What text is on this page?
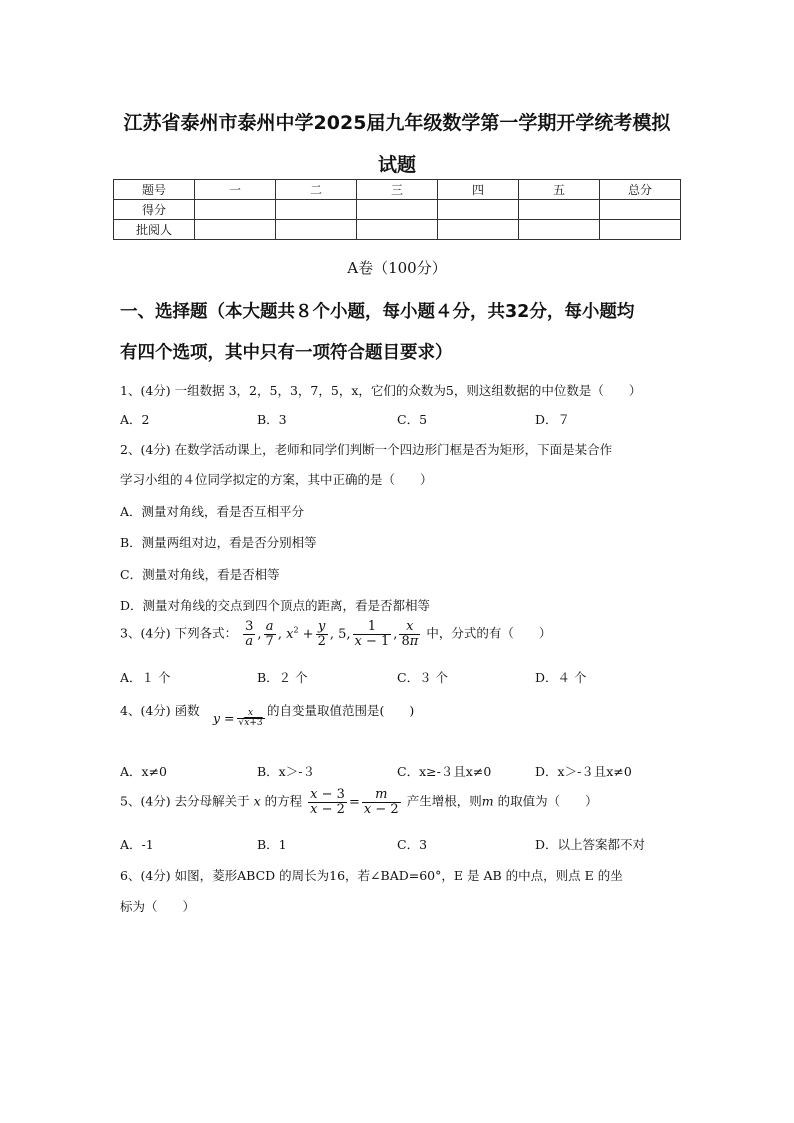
江苏省泰州市泰州中学2025届九年级数学第一学期开学统考模拟
试题
题号	一	二	三	四	五	总分
得分						
批阅人						
A卷（100分）
一、选择题（本大题共８个小题，每小题４分，共32分，每小题均
有四个选项，其中只有一项符合题目要求）
1、(4分) 一组数据 3，2，5，3，7，5，x，它们的众数为5，则这组数据的中位数是（　　）
A．2	B．3	C．5	D．７
2、(4分) 在数学活动课上，老师和同学们判断一个四边形门框是否为矩形，下面是某合作
学习小组的４位同学拟定的方案，其中正确的是（　　）
A．测量对角线，看是否互相平分
B．测量两组对边，看是否分别相等
C．测量对角线，看是否相等
D．测量对角线的交点到四个顶点的距离，看是否都相等
3、(4分) 下列各式： $\frac{3}{a}$ , $\frac{a}{7}$ , $x^2 + \frac{y}{2}$ , 5, $\frac{1}{x - 1}$ , $\frac{x}{8\pi}$ 中，分式的有（　　）
A．１ 个	B．２ 个	C．３ 个	D．４ 个
4、(4分) 函数 $y = \frac{x}{√x+3}$ 的自变量取值范围是(　　)
A．x≠0	B．x＞-３	C．x≥-３且x≠0	D．x＞-３且x≠0
5、(4分) 去分母解关于 x 的方程 $\frac{x - 3}{x - 2} = \frac{m}{x - 2}$ 产生增根，则m 的取值为（　　）
A．-1	B．1	C．3	D．以上答案都不对
6、(4分) 如图，菱形ABCD 的周长为16，若∠BAD=60°，E 是 AB 的中点，则点 E 的坐
标为（　　）
